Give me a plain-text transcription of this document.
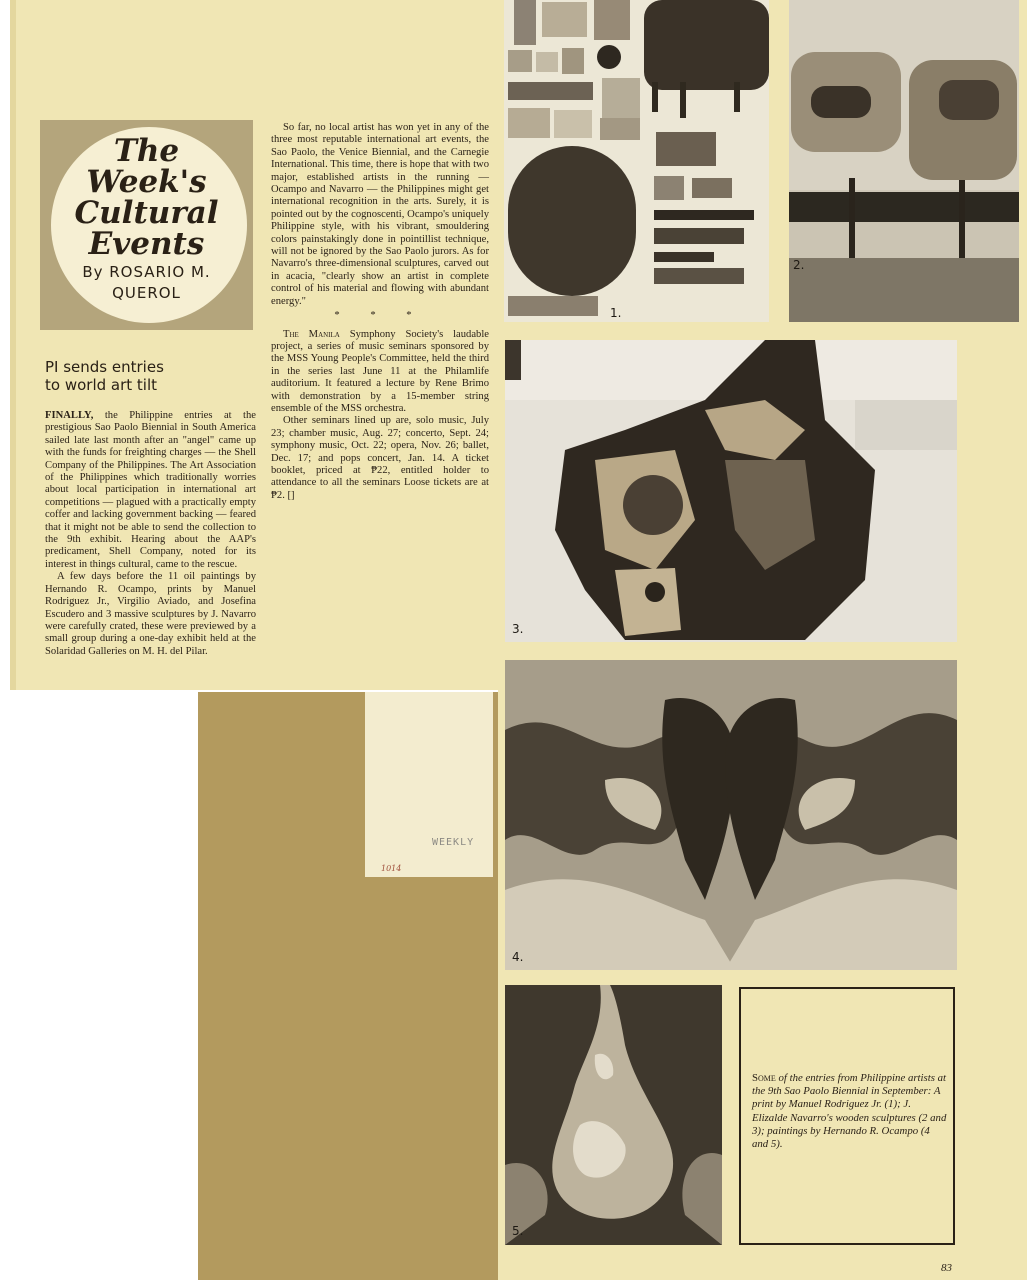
WEEKLY
1014
The
Week's
Cultural
Events
By ROSARIO M.
QUEROL
PI sends entries
to world art tilt

FINALLY, the Philippine entries at the prestigious Sao Paolo Biennial in South America sailed late last month after an "angel" came up with the funds for freighting charges — the Shell Company of the Philippines. The Art Association of the Philippines which traditionally worries about local participation in international art competitions — plagued with a practically empty coffer and lacking government backing — feared that it might not be able to send the collection to the 9th exhibit. Hearing about the AAP's predicament, Shell Company, noted for its interest in things cultural, came to the rescue.

A few days before the 11 oil paintings by Hernando R. Ocampo, prints by Manuel Rodriguez Jr., Virgilio Aviado, and Josefina Escudero and 3 massive sculptures by J. Navarro were carefully crated, these were previewed by a small group during a one-day exhibit held at the Solaridad Galleries on M. H. del Pilar.

So far, no local artist has won yet in any of the three most reputable international art events, the Sao Paolo, the Venice Biennial, and the Carnegie International. This time, there is hope that with two major, established artists in the running — Ocampo and Navarro — the Philippines might get international recognition in the arts. Surely, it is pointed out by the cognoscenti, Ocampo's uniquely Philippine style, with his vibrant, smouldering colors painstakingly done in pointillist technique, will not be ignored by the Sao Paolo jurors. As for Navarro's three-dimensional sculptures, carved out in acacia, "clearly show an artist in complete control of his material and flowing with abundant energy."

* * *

The Manila Symphony Society's laudable project, a series of music seminars sponsored by the MSS Young People's Committee, held the third in the series last June 11 at the Philamlife auditorium. It featured a lecture by Rene Brimo with demonstration by a 15-member string ensemble of the MSS orchestra.

Other seminars lined up are, solo music, July 23; chamber music, Aug. 27; concerto, Sept. 24; symphony music, Oct. 22; opera, Nov. 26; ballet, Dec. 17; and pops concert, Jan. 14. A ticket booklet, priced at ₱22, entitled holder to attendance to all the seminars Loose tickets are at ₱2. []

1.
2.
3.
4.
5.
Some of the entries from Philippine artists at the 9th Sao Paolo Biennial in September: A print by Manuel Rodriguez Jr. (1); J. Elizalde Navarro's wooden sculptures (2 and 3); paintings by Hernando R. Ocampo (4 and 5).
83
